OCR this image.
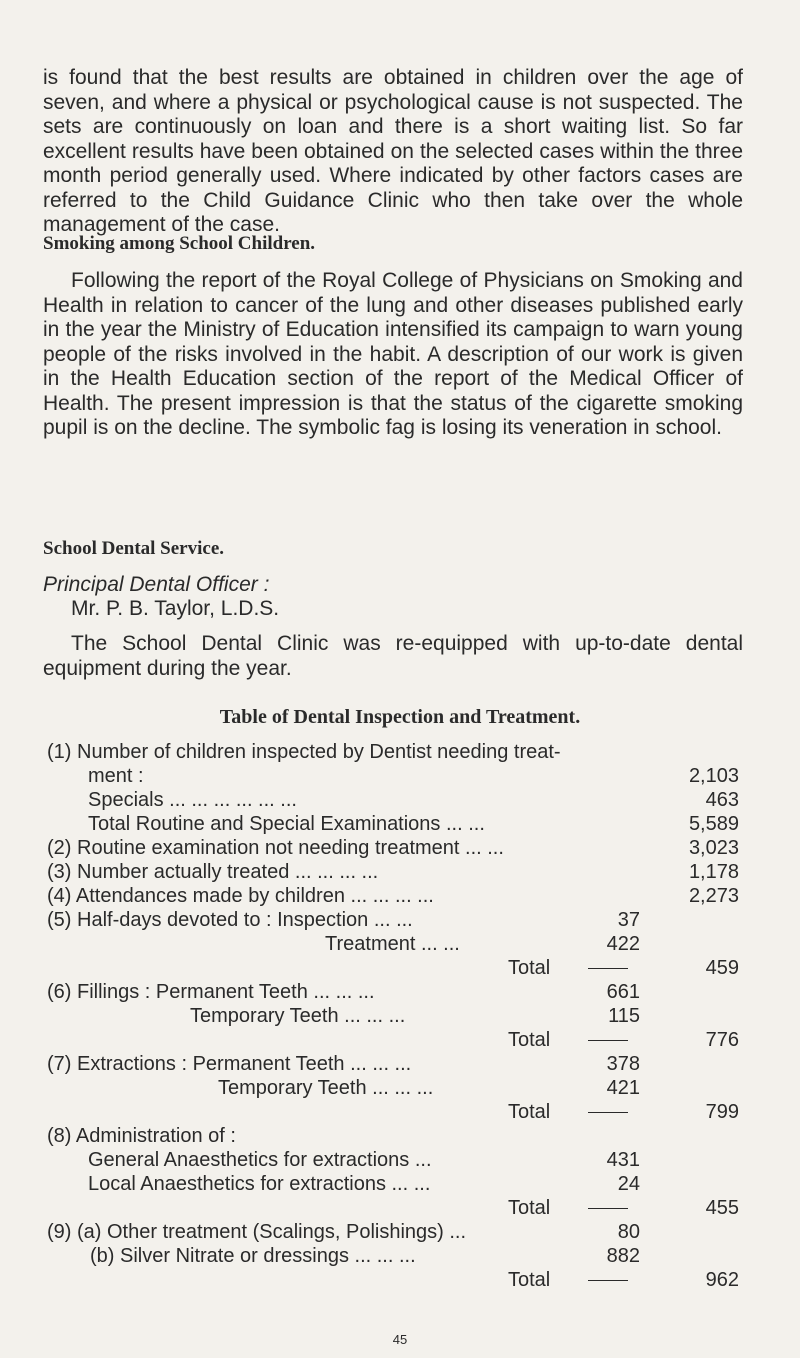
is found that the best results are obtained in children over the age of seven, and where a physical or psychological cause is not suspected. The sets are continuously on loan and there is a short waiting list. So far excellent results have been obtained on the selected cases within the three month period generally used. Where indicated by other factors cases are referred to the Child Guidance Clinic who then take over the whole management of the case.

Smoking among School Children.

Following the report of the Royal College of Physicians on Smoking and Health in relation to cancer of the lung and other diseases published early in the year the Ministry of Education intensified its campaign to warn young people of the risks involved in the habit. A description of our work is given in the Health Education section of the report of the Medical Officer of Health. The present impression is that the status of the cigarette smoking pupil is on the decline. The symbolic fag is losing its veneration in school.

School Dental Service.

Principal Dental Officer :

Mr. P. B. Taylor, L.D.S.

The School Dental Clinic was re-equipped with up-to-date dental equipment during the year.

Table of Dental Inspection and Treatment.

(1) Number of children inspected by Dentist needing treat-
ment :	2,103
Specials ... ... ... ... ... ...	463
Total Routine and Special Examinations ... ...	5,589
(2) Routine examination not needing treatment ... ...	3,023
(3) Number actually treated ... ... ... ...	1,178
(4) Attendances made by children ... ... ... ...	2,273
(5) Half-days devoted to : Inspection ... ...	37
Treatment ... ...	422
Total	459
(6) Fillings : Permanent Teeth ... ... ...	661
Temporary Teeth ... ... ...	115
Total	776
(7) Extractions : Permanent Teeth ... ... ...	378
Temporary Teeth ... ... ...	421
Total	799
(8) Administration of :
General Anaesthetics for extractions ...	431
Local Anaesthetics for extractions ... ...	24
Total	455
(9) (a) Other treatment (Scalings, Polishings) ...	80
(b) Silver Nitrate or dressings ... ... ...	882
Total	962
45
